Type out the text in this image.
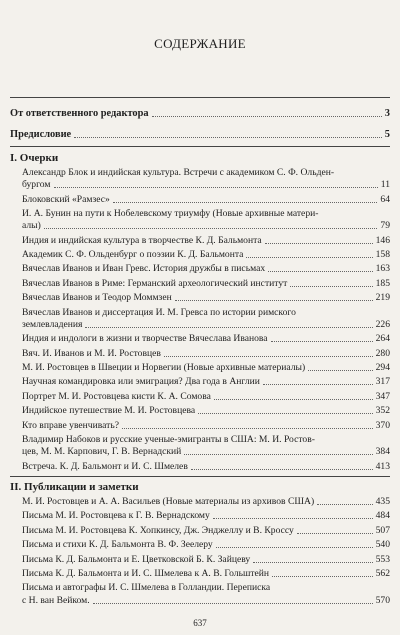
СОДЕРЖАНИЕ
От ответственного редактора	3
Предисловие	5
I. Очерки
Александр Блок и индийская культура. Встречи с академиком С. Ф. Ольден-
бургом	11
Блоковский «Рамзес»	64
И. А. Бунин на пути к Нобелевскому триумфу (Новые архивные матери-
алы)	79
Индия и индийская культура в творчестве К. Д. Бальмонта	146
Академик С. Ф. Ольденбург о поэзии К. Д. Бальмонта	158
Вячеслав Иванов и Иван Гревс. История дружбы в письмах	163
Вячеслав Иванов в Риме: Германский археологический институт	185
Вячеслав Иванов и Теодор Моммзен	219
Вячеслав Иванов и диссертация И. М. Гревса по истории римского
землевладения	226
Индия и индологи в жизни и творчестве Вячеслава Иванова	264
Вяч. И. Иванов и М. И. Ростовцев	280
М. И. Ростовцев в Швеции и Норвегии (Новые архивные материалы)	294
Научная командировка или эмиграция? Два года в Англии	317
Портрет М. И. Ростовцева кисти К. А. Сомова	347
Индийское путешествие М. И. Ростовцева	352
Кто вправе увенчивать?	370
Владимир Набоков и русские ученые-эмигранты в США: М. И. Ростов-
цев, М. М. Карпович, Г. В. Вернадский	384
Встреча. К. Д. Бальмонт и И. С. Шмелев	413
II. Публикации и заметки
М. И. Ростовцев и А. А. Васильев (Новые материалы из архивов США)	435
Письма М. И. Ростовцева к Г. В. Вернадскому	484
Письма М. И. Ростовцева К. Хопкинсу, Дж. Энджеллу и В. Кроссу	507
Письма и стихи К. Д. Бальмонта В. Ф. Зеелеру	540
Письма К. Д. Бальмонта и Е. Цветковской Б. К. Зайцеву	553
Письма К. Д. Бальмонта и И. С. Шмелева к А. В. Гольштейн	562
Письма и автографы И. С. Шмелева в Голландии. Переписка
с Н. ван Вейком.	570
637
